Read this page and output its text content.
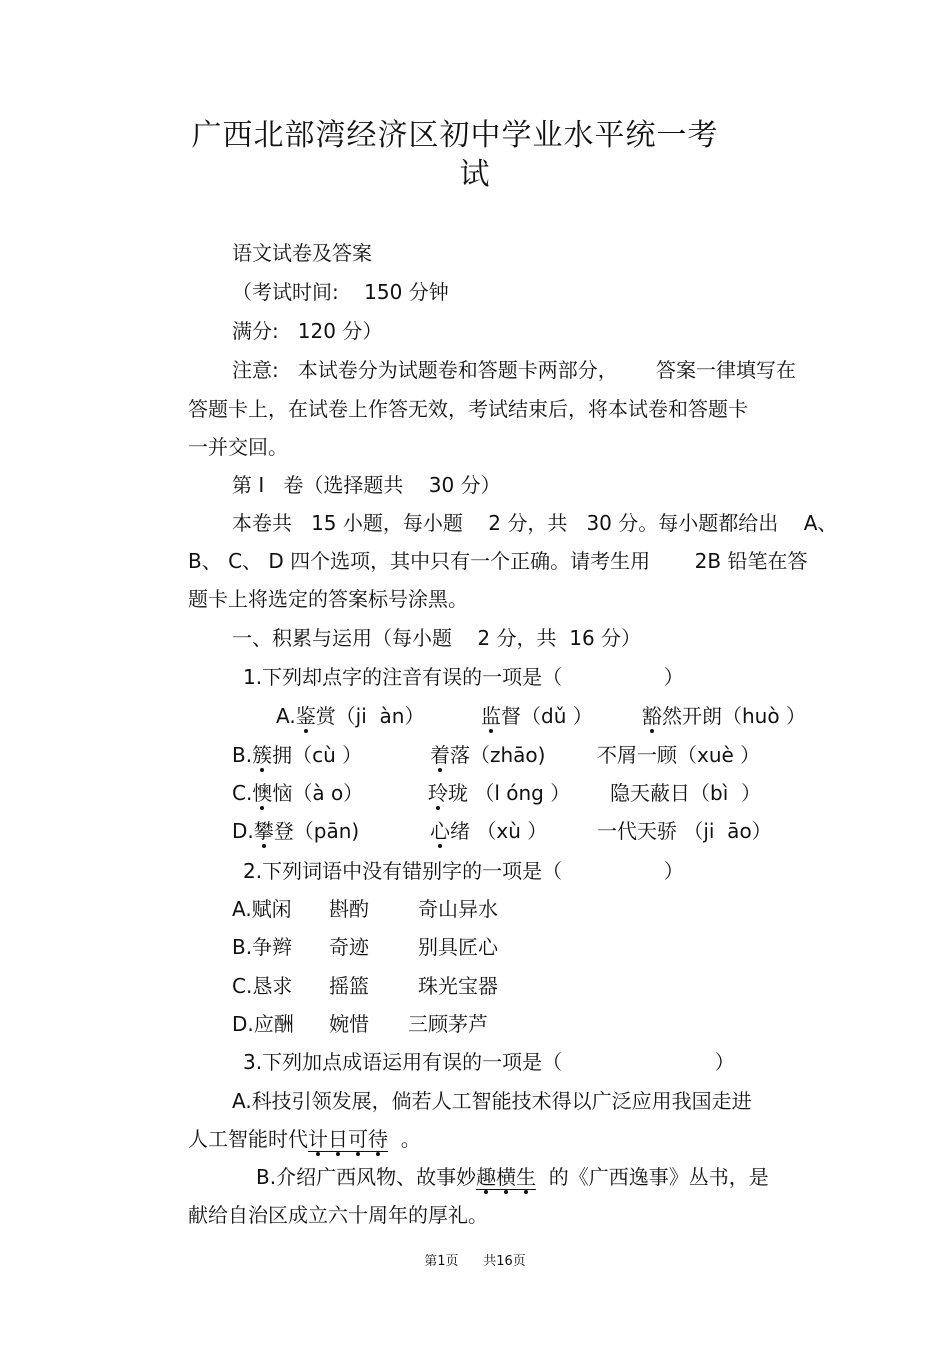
广西北部湾经济区初中学业水平统一考
试
语文试卷及答案
（考试时间:    150 分钟
满分:   120 分）
注意:   本试卷分为试题卷和答题卡两部分，      答案一律填写在
答题卡上，在试卷上作答无效，考试结束后，将本试卷和答题卡
一并交回。
第 I   卷（选择题共    30 分）
本卷共   15 小题，每小题    2 分，共   30 分。每小题都给出    A、
B、 C、 D 四个选项，其中只有一个正确。请考生用       2B 铅笔在答
题卡上将选定的答案标号涂黑。
一、积累与运用（每小题    2 分，共  16 分）
1.下列却点字的注音有误的一项是（                ）
A.鉴赏（ji  àn）	监督（dǔ ） 豁然开朗（huò ）
B.簇拥（cù ）	着落（zhāo)	不屑一顾（xuè ）
C.懊恼（à o）	玲珑 （l óng ） 隐天蔽日（bì  ）
D.攀登（pān)	心绪 （xù ） 一代天骄 （ji  āo）
2.下列词语中没有错别字的一项是（                ）
A.赋闲 斟酌 奇山异水
B.争辫 奇迹 别具匠心
C.恳求 摇篮 珠光宝器
D.应酬 婉惜 三顾茅芦
3.下列加点成语运用有误的一项是（                        ）
A.科技引领发展，倘若人工智能技术得以广泛应用我国走进
人工智能时代计日可待  。
B.介绍广西风物、故事妙趣横生  的《广西逸事》丛书，是
献给自治区成立六十周年的厚礼。
第1页      共16页
